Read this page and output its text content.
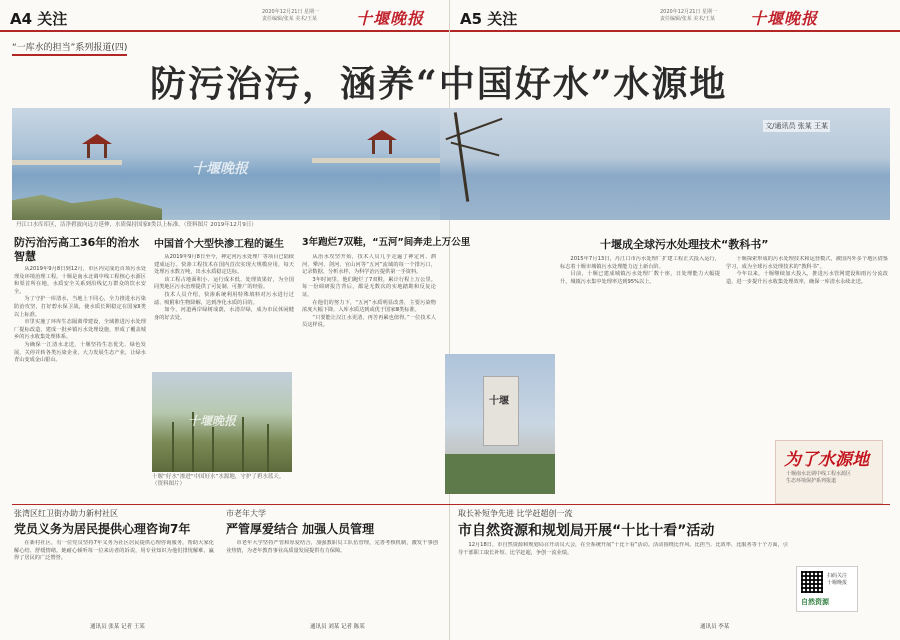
A4 关注	2020年12月21日 星期一
责任编辑/张某 美术/王某 十堰晚报 A5 关注	2020年12月21日 星期一
责任编辑/张某 美术/王某 十堰晚报
“一库水的担当”系列报道(四)
防污治污，涵养“中国好水”水源地
十堰晚报
文/通讯员 张某 王某
丹江口水库库区，洁净碧波向远方延伸，水质保持国家Ⅱ类以上标准。（资料图片 2019年12月9日）
防污治污高工36年的治水智慧

从2019年9月8日到12月，市区内完成近百项污水处理及环境治理工程。十堰是南水北调中线工程核心水源区和渠首所在地，水质安全关系到沿线亿万群众的饮水安全。

为了守护一库清水，当地上下同心，全力推进水污染防治攻坚，打好碧水保卫战，使水质长期稳定在国家Ⅱ类以上标准。

市里实施了环库生态隔离带建设，全域推进污水处理厂提标改造，建成一批乡镇污水处理设施，形成了覆盖城乡的污水收集处理体系。

为确保一江清水北送，十堰坚持生态优先、绿色发展，关停并转各类污染企业，大力发展生态产业，让绿水青山变成金山银山。

中国首个大型快渗工程的诞生

从2019年9月8日至今，神定河污水处理厂等项目已陆续建成运行。快渗工程技术在国内首次实现大规模应用，每天处理污水数万吨，出水水质稳定达标。

该工程占地面积小、运行成本低、处理效果好，为全国同类地区污水治理提供了可复制、可推广的经验。

技术人员介绍，快渗系统利用特殊填料对污水进行过滤、吸附和生物降解，达到净化水质的目的。

如今，河道两岸绿树成荫，水清岸绿，成为市民休闲健身的好去处。

十堰晚报
十堰“好水”渗进“中国好水”水源地，守护了碧水蓝天。（资料图片）
3年跑烂7双鞋，“五河”间奔走上万公里

从治水攻坚开始，技术人员几乎走遍了神定河、泗河、犟河、剑河、官山河等“五河”流域的每一个排污口，记录数据、分析水样，为科学治污提供第一手资料。

3年时间里，他们跑烂了7双鞋，累计行程上万公里。每一份调研报告背后，都是无数次的实地踏勘和反复论证。

在他们的努力下，“五河”水质明显改善，主要污染物浓度大幅下降，入库水质达到或优于国家Ⅲ类标准。

“只要能让汉江水更清，再苦再累也值得。”一位技术人员这样说。

十堰
十堰成全球污水处理技术“教科书”

2015年7月13日，丹江口市污水处理厂扩建工程正式投入运行，标志着十堰市城镇污水处理能力迈上新台阶。

目前，十堰已建成城镇污水处理厂数十座，日处理能力大幅提升，城镇污水集中处理率达到95%以上。

十堰探索形成的污水处理技术和运营模式，被国内外多个地区借鉴学习，成为全球污水处理技术的“教科书”。

今年以来，十堰继续加大投入，推进污水管网建设和雨污分流改造，进一步提升污水收集处理效率，确保一库清水永续北送。

为了水源地
十堰南水北调中线工程水源区
生态环境保护系列报道
张湾区红卫街办助力新村社区
党员义务为居民提供心理咨询7年

在新村社区，有一位党员坚持7年义务为社区居民提供心理咨询服务，帮助大家化解心结、舒缓情绪。她耐心倾听每一位来访者的诉说，用专业知识为他们排忧解难，赢得了居民的广泛赞誉。

通讯员 张某 记者 王某
市老年大学
严管厚爱结合 加强人员管理

市老年大学坚持严管和厚爱结合，加强教职员工队伍管理，完善考核机制，激发干事创业热情，为老年教育事业高质量发展提供有力保障。

通讯员 刘某 记者 陈某
取长补短争先进 比学赶超创一流
市自然资源和规划局开展“十比十看”活动

12月18日，市自然资源和规划局召开动员大会，在全系统开展“十比十看”活动。活动围绕比作风、比担当、比效率、比服务等十个方面，引导干部职工取长补短、比学赶超，争创一流业绩。

通讯员 李某
扫码关注
十堰晚报
自然资源
